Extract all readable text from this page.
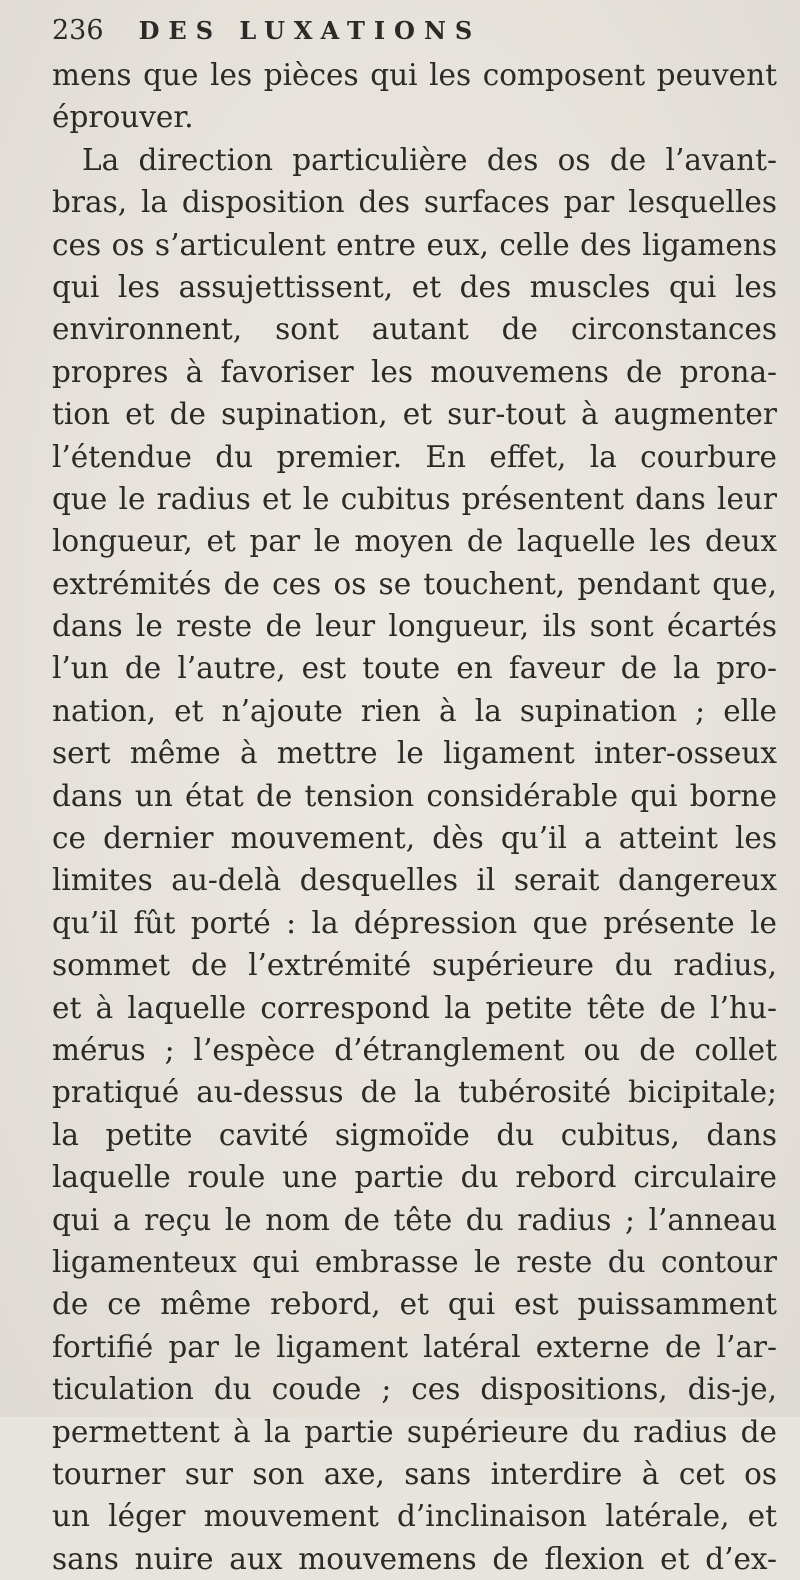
236 DES LUXATIONS
mens que les pièces qui les composent peuvent
éprouver.
La direction particulière des os de l’avant-
bras, la disposition des surfaces par lesquelles
ces os s’articulent entre eux, celle des ligamens
qui les assujettissent, et des muscles qui les
environnent, sont autant de circonstances
propres à favoriser les mouvemens de prona-
tion et de supination, et sur-tout à augmenter
l’étendue du premier. En effet, la courbure
que le radius et le cubitus présentent dans leur
longueur, et par le moyen de laquelle les deux
extrémités de ces os se touchent, pendant que,
dans le reste de leur longueur, ils sont écartés
l’un de l’autre, est toute en faveur de la pro-
nation, et n’ajoute rien à la supination ; elle
sert même à mettre le ligament inter-osseux
dans un état de tension considérable qui borne
ce dernier mouvement, dès qu’il a atteint les
limites au-delà desquelles il serait dangereux
qu’il fût porté : la dépression que présente le
sommet de l’extrémité supérieure du radius,
et à laquelle correspond la petite tête de l’hu-
mérus ; l’espèce d’étranglement ou de collet
pratiqué au-dessus de la tubérosité bicipitale;
la petite cavité sigmoïde du cubitus, dans
laquelle roule une partie du rebord circulaire
qui a reçu le nom de tête du radius ; l’anneau
ligamenteux qui embrasse le reste du contour
de ce même rebord, et qui est puissamment
fortifié par le ligament latéral externe de l’ar-
ticulation du coude ; ces dispositions, dis-je,
permettent à la partie supérieure du radius de
tourner sur son axe, sans interdire à cet os
un léger mouvement d’inclinaison latérale, et
sans nuire aux mouvemens de flexion et d’ex-
